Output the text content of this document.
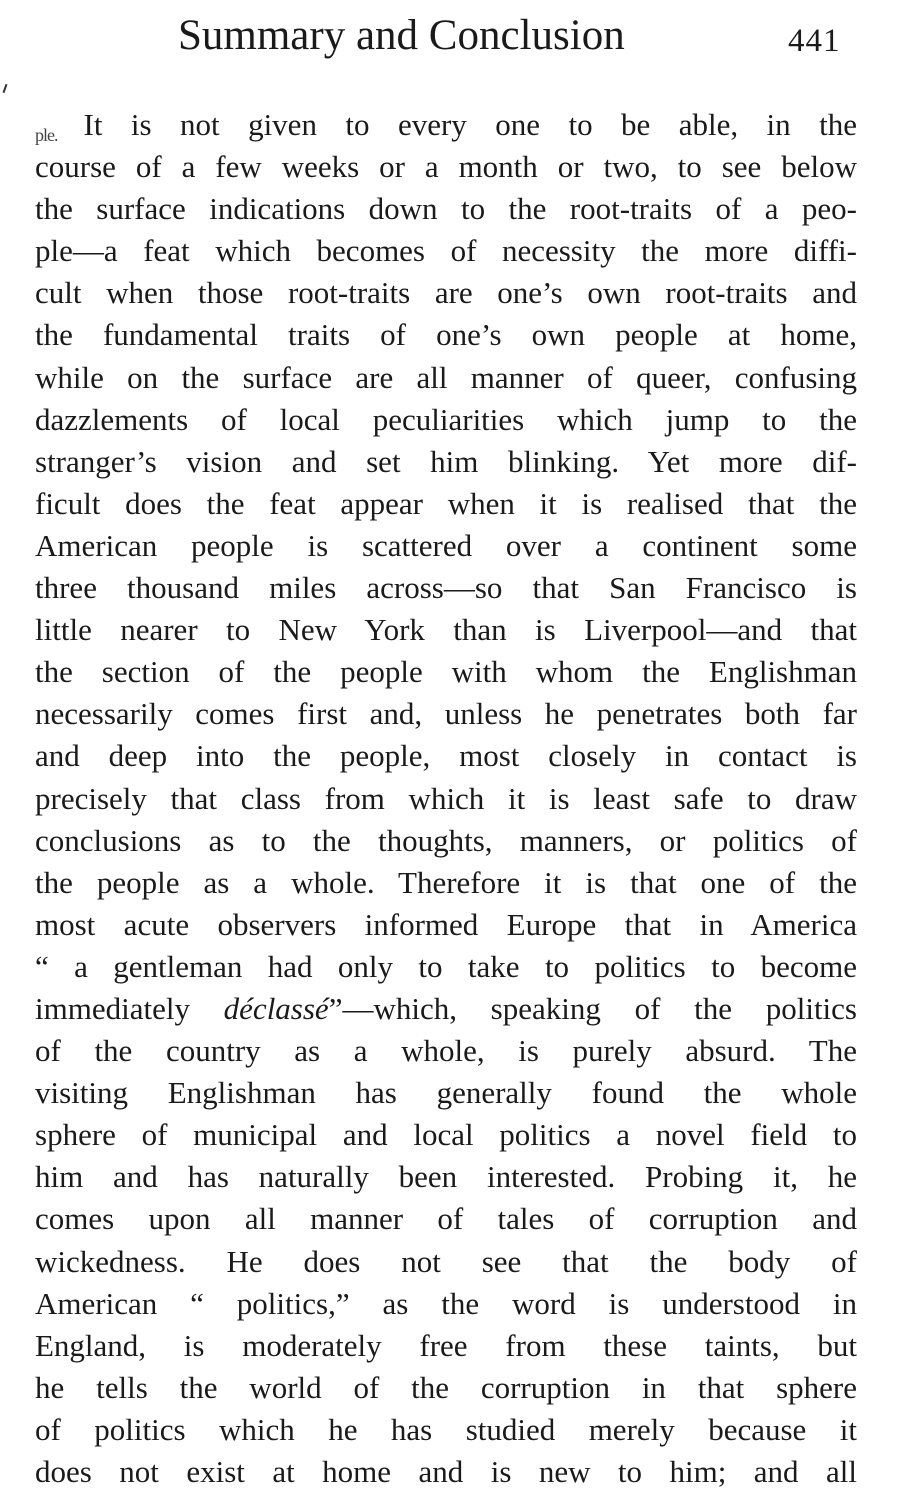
Summary and Conclusion	441
ple. It is not given to every one to be able, in the
course of a few weeks or a month or two, to see below
the surface indications down to the root-traits of a peo-
ple—a feat which becomes of necessity the more diffi-
cult when those root-traits are one’s own root-traits and
the fundamental traits of one’s own people at home,
while on the surface are all manner of queer, confusing
dazzlements of local peculiarities which jump to the
stranger’s vision and set him blinking. Yet more dif-
ficult does the feat appear when it is realised that the
American people is scattered over a continent some
three thousand miles across—so that San Francisco is
little nearer to New York than is Liverpool—and that
the section of the people with whom the Englishman
necessarily comes first and, unless he penetrates both far
and deep into the people, most closely in contact is
precisely that class from which it is least safe to draw
conclusions as to the thoughts, manners, or politics of
the people as a whole. Therefore it is that one of the
most acute observers informed Europe that in America
“ a gentleman had only to take to politics to become
immediately déclassé”—which, speaking of the politics
of the country as a whole, is purely absurd. The
visiting Englishman has generally found the whole
sphere of municipal and local politics a novel field to
him and has naturally been interested. Probing it, he
comes upon all manner of tales of corruption and
wickedness. He does not see that the body of
American “ politics,” as the word is understood in
England, is moderately free from these taints, but
he tells the world of the corruption in that sphere
of politics which he has studied merely because it
does not exist at home and is new to him; and all
